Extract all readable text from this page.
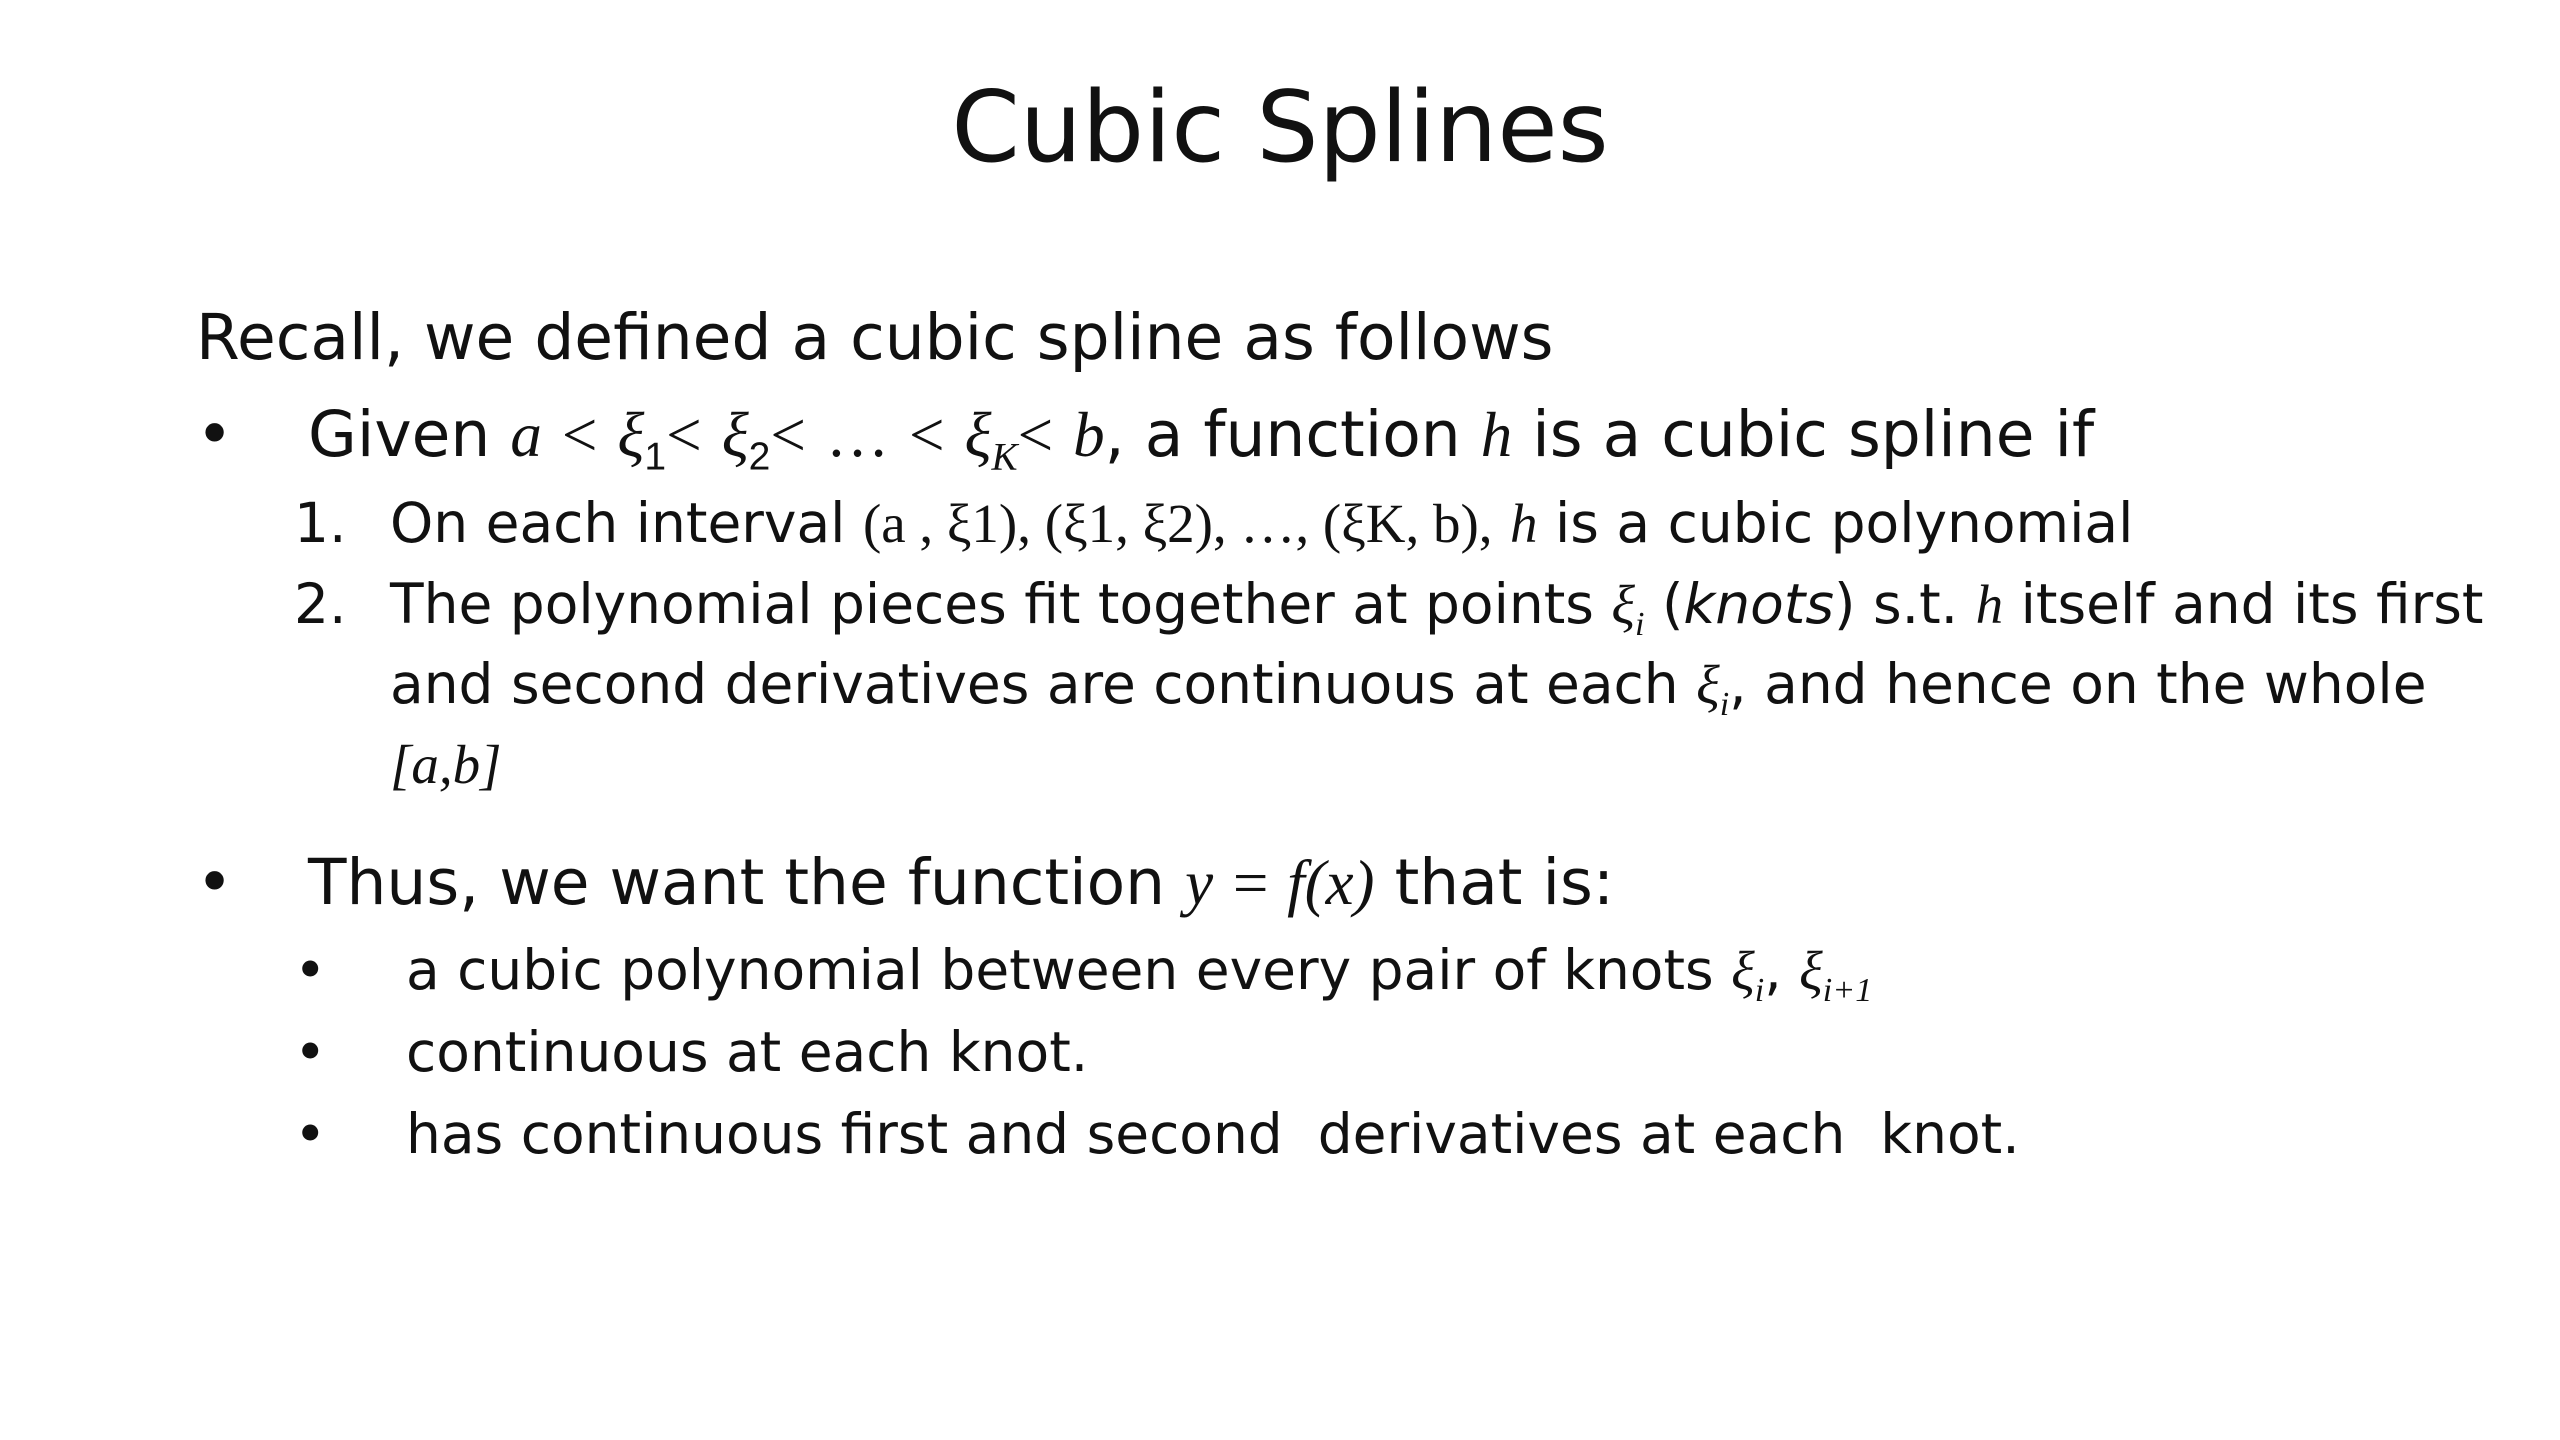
Cubic Splines
Recall, we defined a cubic spline as follows
• Given $a < \xi_1< \xi_2<$ … < $\xi_K< b$, a function h is a cubic spline if
1. On each interval (a , ξ1), (ξ1, ξ2), …, (ξK, b), h is a cubic polynomial
2. The polynomial pieces fit together at points $\xi_i$ (knots) s.t. h itself and its first
and second derivatives are continuous at each $\xi_i$, and hence on the whole
[a,b]
• Thus, we want the function y = f(x) that is:
• a cubic polynomial between every pair of knots $\xi_i$, $\xi_{i+1}$
• continuous at each knot.
• has continuous first and second  derivatives at each  knot.
